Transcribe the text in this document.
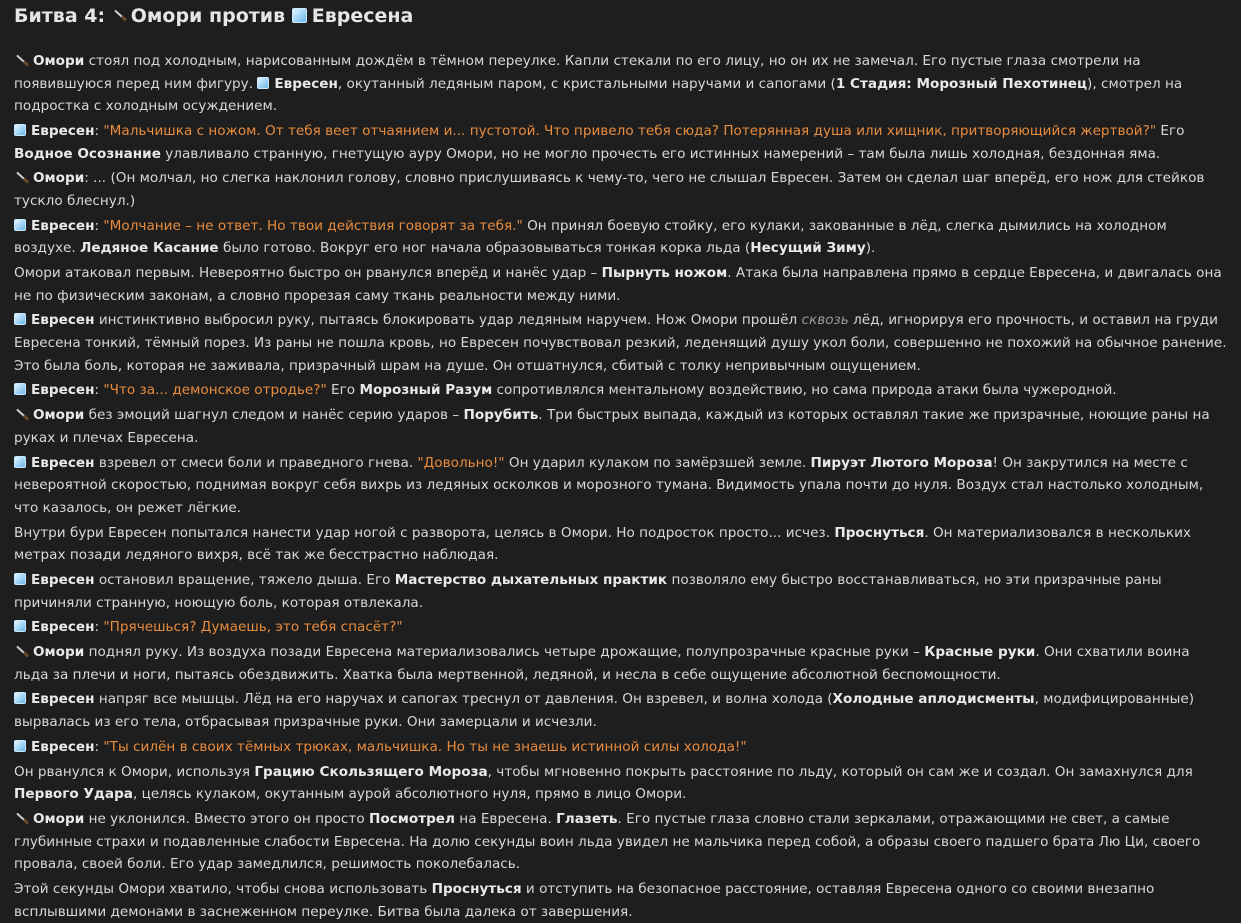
Битва 4: Омори против Евресена

Омори стоял под холодным, нарисованным дождём в тёмном переулке. Капли стекали по его лицу, но он их не замечал. Его пустые глаза смотрели на появившуюся перед ним фигуру. Евресен, окутанный ледяным паром, с кристальными наручами и сапогами (1 Стадия: Морозный Пехотинец), смотрел на подростка с холодным осуждением.

Евресен: "Мальчишка с ножом. От тебя веет отчаянием и... пустотой. Что привело тебя сюда? Потерянная душа или хищник, притворяющийся жертвой?" Его Водное Осознание улавливало странную, гнетущую ауру Омори, но не могло прочесть его истинных намерений – там была лишь холодная, бездонная яма.

Омори: ... (Он молчал, но слегка наклонил голову, словно прислушиваясь к чему-то, чего не слышал Евресен. Затем он сделал шаг вперёд, его нож для стейков тускло блеснул.)

Евресен: "Молчание – не ответ. Но твои действия говорят за тебя." Он принял боевую стойку, его кулаки, закованные в лёд, слегка дымились на холодном воздухе. Ледяное Касание было готово. Вокруг его ног начала образовываться тонкая корка льда (Несущий Зиму).

Омори атаковал первым. Невероятно быстро он рванулся вперёд и нанёс удар – Пырнуть ножом. Атака была направлена прямо в сердце Евресена, и двигалась она не по физическим законам, а словно прорезая саму ткань реальности между ними.

Евресен инстинктивно выбросил руку, пытаясь блокировать удар ледяным наручем. Нож Омори прошёл сквозь лёд, игнорируя его прочность, и оставил на груди Евресена тонкий, тёмный порез. Из раны не пошла кровь, но Евресен почувствовал резкий, леденящий душу укол боли, совершенно не похожий на обычное ранение. Это была боль, которая не заживала, призрачный шрам на душе. Он отшатнулся, сбитый с толку непривычным ощущением.

Евресен: "Что за... демонское отродье?" Его Морозный Разум сопротивлялся ментальному воздействию, но сама природа атаки была чужеродной.

Омори без эмоций шагнул следом и нанёс серию ударов – Порубить. Три быстрых выпада, каждый из которых оставлял такие же призрачные, ноющие раны на руках и плечах Евресена.

Евресен взревел от смеси боли и праведного гнева. "Довольно!" Он ударил кулаком по замёрзшей земле. Пируэт Лютого Мороза! Он закрутился на месте с невероятной скоростью, поднимая вокруг себя вихрь из ледяных осколков и морозного тумана. Видимость упала почти до нуля. Воздух стал настолько холодным, что казалось, он режет лёгкие.

Внутри бури Евресен попытался нанести удар ногой с разворота, целясь в Омори. Но подросток просто... исчез. Проснуться. Он материализовался в нескольких метрах позади ледяного вихря, всё так же бесстрастно наблюдая.

Евресен остановил вращение, тяжело дыша. Его Мастерство дыхательных практик позволяло ему быстро восстанавливаться, но эти призрачные раны причиняли странную, ноющую боль, которая отвлекала.

Евресен: "Прячешься? Думаешь, это тебя спасёт?"

Омори поднял руку. Из воздуха позади Евресена материализовались четыре дрожащие, полупрозрачные красные руки – Красные руки. Они схватили воина льда за плечи и ноги, пытаясь обездвижить. Хватка была мертвенной, ледяной, и несла в себе ощущение абсолютной беспомощности.

Евресен напряг все мышцы. Лёд на его наручах и сапогах треснул от давления. Он взревел, и волна холода (Холодные аплодисменты, модифицированные) вырвалась из его тела, отбрасывая призрачные руки. Они замерцали и исчезли.

Евресен: "Ты силён в своих тёмных трюках, мальчишка. Но ты не знаешь истинной силы холода!"

Он рванулся к Омори, используя Грацию Скользящего Мороза, чтобы мгновенно покрыть расстояние по льду, который он сам же и создал. Он замахнулся для Первого Удара, целясь кулаком, окутанным аурой абсолютного нуля, прямо в лицо Омори.

Омори не уклонился. Вместо этого он просто Посмотрел на Евресена. Глазеть. Его пустые глаза словно стали зеркалами, отражающими не свет, а самые глубинные страхи и подавленные слабости Евресена. На долю секунды воин льда увидел не мальчика перед собой, а образы своего падшего брата Лю Ци, своего провала, своей боли. Его удар замедлился, решимость поколебалась.

Этой секунды Омори хватило, чтобы снова использовать Проснуться и отступить на безопасное расстояние, оставляя Евресена одного со своими внезапно всплывшими демонами в заснеженном переулке. Битва была далека от завершения.
